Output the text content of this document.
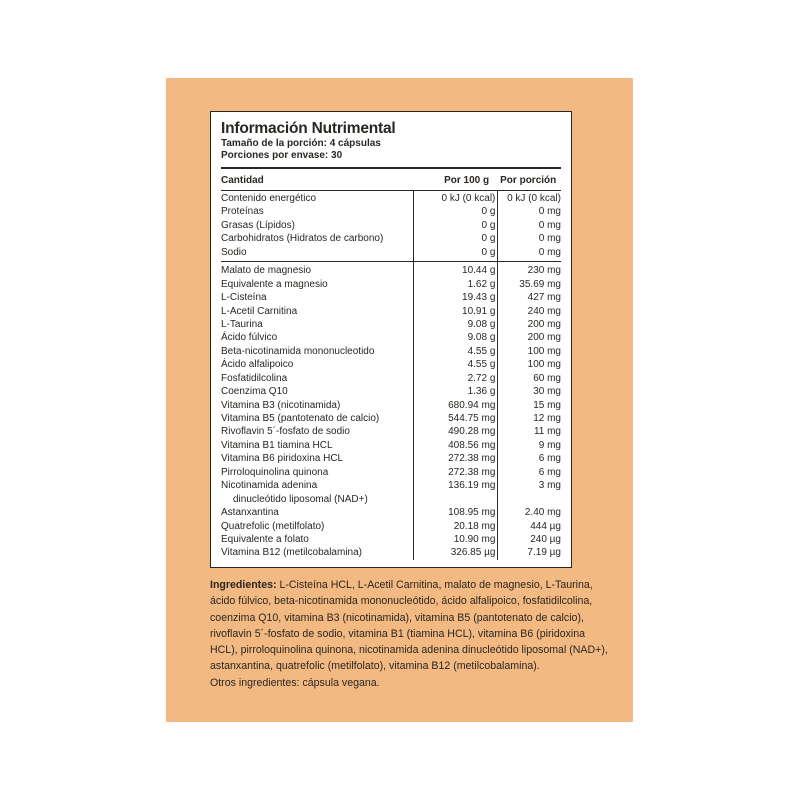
Información Nutrimental
Tamaño de la porción: 4 cápsulas
Porciones por envase: 30
Cantidad	Por 100 g	Por porción
Contenido energético	0 kJ (0 kcal)	0 kJ (0 kcal)
Proteínas	0 g	0 mg
Grasas (Lípidos)	0 g	0 mg
Carbohidratos (Hidratos de carbono)	0 g	0 mg
Sodio	0 g	0 mg
Malato de magnesio	10.44 g	230 mg
Equivalente a magnesio	1.62 g	35.69 mg
L-Cisteína	19.43 g	427 mg
L-Acetil Carnitina	10.91 g	240 mg
L-Taurina	9.08 g	200 mg
Ácido fúlvico	9.08 g	200 mg
Beta-nicotinamida mononucleotido	4.55 g	100 mg
Ácido alfalipoico	4.55 g	100 mg
Fosfatidilcolina	2.72 g	60 mg
Coenzima Q10	1.36 g	30 mg
Vitamina B3 (nicotinamida)	680.94 mg	15 mg
Vitamina B5 (pantotenato de calcio)	544.75 mg	12 mg
Rivoflavin 5´-fosfato de sodio	490.28 mg	11 mg
Vitamina B1 tiamina HCL	408.56 mg	9 mg
Vitamina B6 piridoxina HCL	272.38 mg	6 mg
Pirroloquinolina quinona	272.38 mg	6 mg
Nicotinamida adenina
dinucleótido liposomal (NAD+)
136.19 mg	3 mg
Astanxantina	108.95 mg	2.40 mg
Quatrefolic (metilfolato)	20.18 mg	444 µg
Equivalente a folato	10.90 mg	240 µg
Vitamina B12 (metilcobalamina)	326.85 µg	7.19 µg
Ingredientes: L-Cisteína HCL, L-Acetil Carnitina, malato de magnesio, L-Taurina, ácido fúlvico, beta-nicotinamida mononucleótido, ácido alfalipoico, fosfatidilcolina, coenzima Q10, vitamina B3 (nicotinamida), vitamina B5 (pantotenato de calcio), rivoflavin 5´-fosfato de sodio, vitamina B1 (tiamina HCL), vitamina B6 (piridoxina HCL), pirroloquinolina quinona, nicotinamida adenina dinucleótido liposomal (NAD+), astanxantina, quatrefolic (metilfolato), vitamina B12 (metilcobalamina).
Otros ingredientes: cápsula vegana.
